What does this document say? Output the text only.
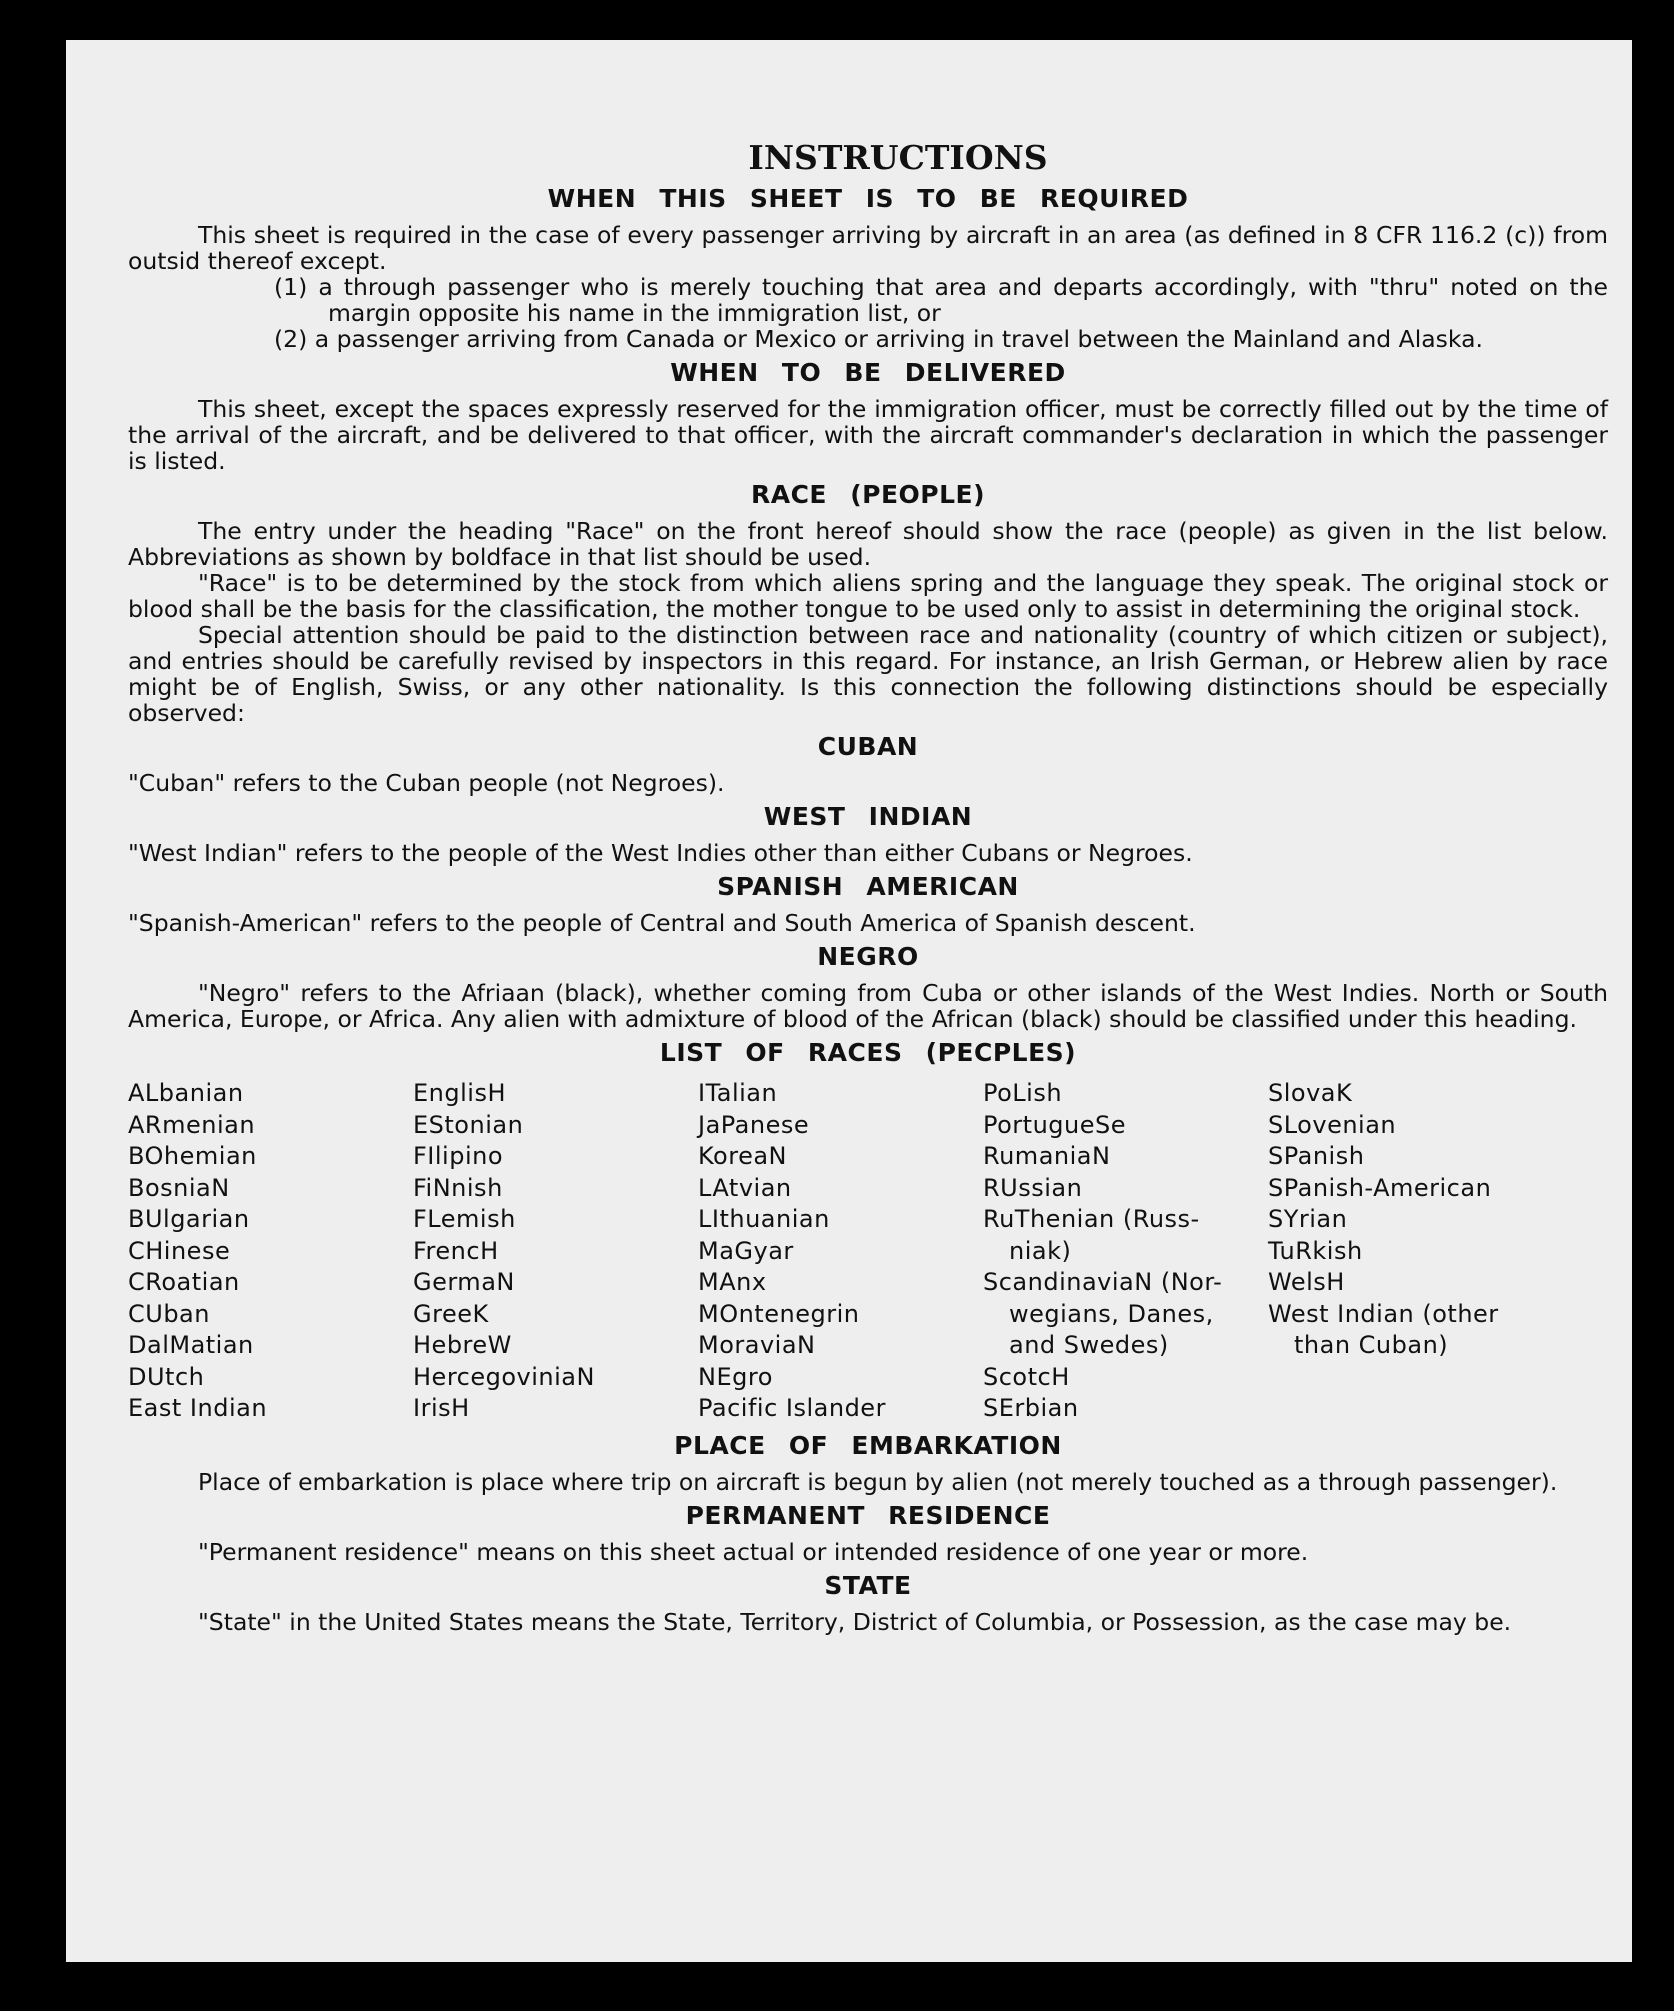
INSTRUCTIONS
WHEN THIS SHEET IS TO BE REQUIRED

This sheet is required in the case of every passenger arriving by aircraft in an area (as defined in 8 CFR 116.2 (c)) from outsid thereof except.

(1) a through passenger who is merely touching that area and departs accordingly, with "thru" noted on the margin opposite his name in the immigration list, or

(2) a passenger arriving from Canada or Mexico or arriving in travel between the Mainland and Alaska.

WHEN TO BE DELIVERED

This sheet, except the spaces expressly reserved for the immigration officer, must be correctly filled out by the time of the arrival of the aircraft, and be delivered to that officer, with the aircraft commander's declaration in which the passenger is listed.

RACE (PEOPLE)

The entry under the heading "Race" on the front hereof should show the race (people) as given in the list below. Abbreviations as shown by boldface in that list should be used.

"Race" is to be determined by the stock from which aliens spring and the language they speak. The original stock or blood shall be the basis for the classification, the mother tongue to be used only to assist in determining the original stock.

Special attention should be paid to the distinction between race and nationality (country of which citizen or subject), and entries should be carefully revised by inspectors in this regard. For instance, an Irish German, or Hebrew alien by race might be of English, Swiss, or any other nationality. Is this connection the following distinctions should be especially observed:

CUBAN

"Cuban" refers to the Cuban people (not Negroes).

WEST INDIAN

"West Indian" refers to the people of the West Indies other than either Cubans or Negroes.

SPANISH AMERICAN

"Spanish-American" refers to the people of Central and South America of Spanish descent.

NEGRO

"Negro" refers to the Afriaan (black), whether coming from Cuba or other islands of the West Indies. North or South America, Europe, or Africa. Any alien with admixture of blood of the African (black) should be classified under this heading.

LIST OF RACES (PECPLES)
ALbanian
ARmenian
BOhemian
BosniaN
BUlgarian
CHinese
CRoatian
CUban
DalMatian
DUtch
East Indian
EnglisH
EStonian
FIlipino
FiNnish
FLemish
FrencH
GermaN
GreeK
HebreW
HercegoviniaN
IrisH
ITalian
JaPanese
KoreaN
LAtvian
LIthuanian
MaGyar
MAnx
MOntenegrin
MoraviaN
NEgro
Pacific Islander
PoLish
PortugueSe
RumaniaN
RUssian
RuThenian (Russ-
niak)
ScandinaviaN (Nor-
wegians, Danes,
and Swedes)
ScotcH
SErbian
SlovaK
SLovenian
SPanish
SPanish-American
SYrian
TuRkish
WelsH
West Indian (other
than Cuban)
PLACE OF EMBARKATION

Place of embarkation is place where trip on aircraft is begun by alien (not merely touched as a through passenger).

PERMANENT RESIDENCE

"Permanent residence" means on this sheet actual or intended residence of one year or more.

STATE

"State" in the United States means the State, Territory, District of Columbia, or Possession, as the case may be.
